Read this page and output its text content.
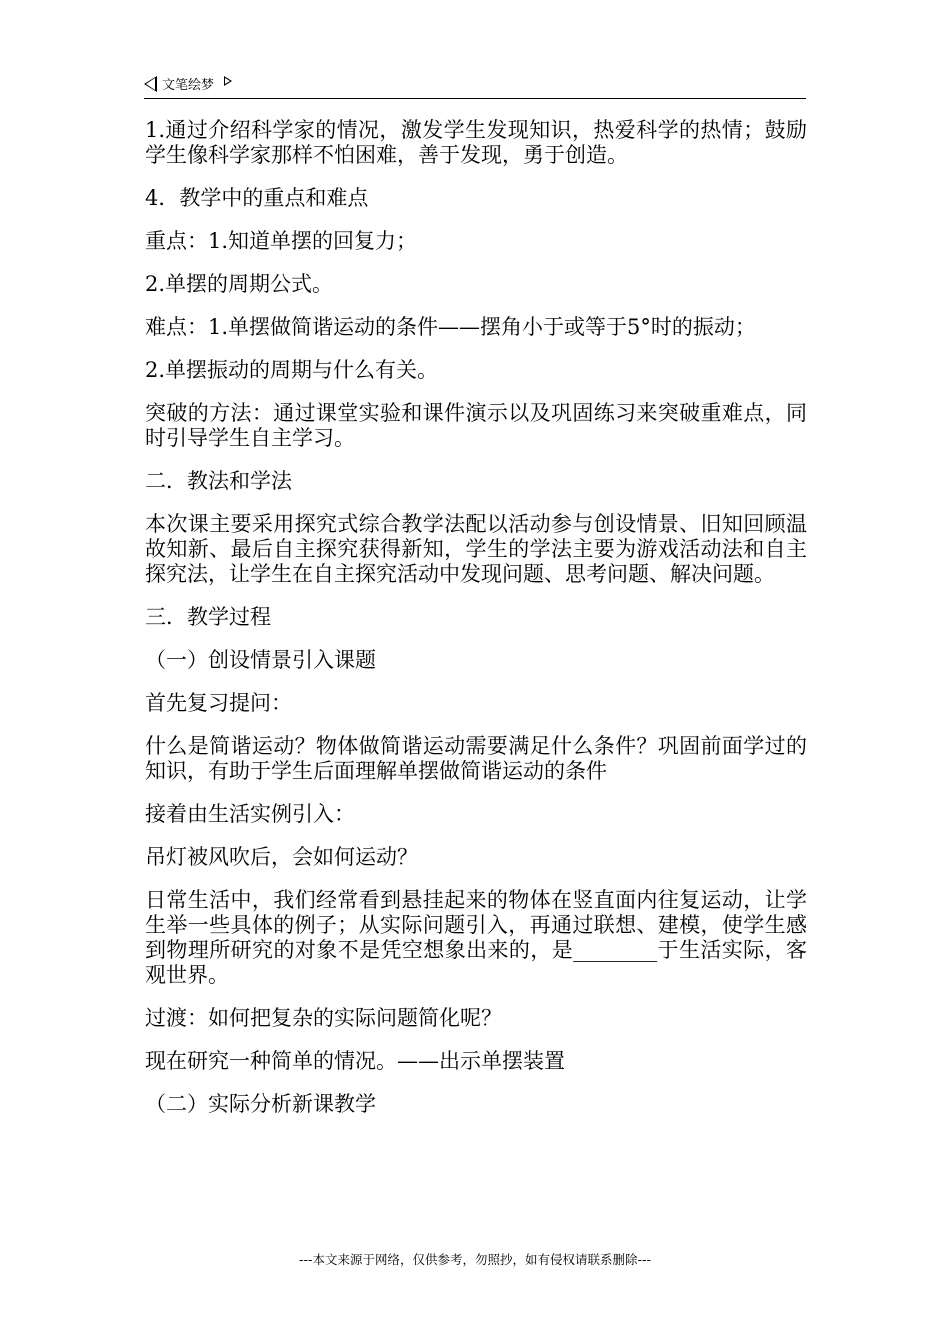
文笔绘梦

1.通过介绍科学家的情况，激发学生发现知识，热爱科学的热情；鼓励学生像科学家那样不怕困难，善于发现，勇于创造。

4．教学中的重点和难点

重点：1.知道单摆的回复力；

2.单摆的周期公式。

难点：1.单摆做简谐运动的条件——摆角小于或等于5°时的振动；

2.单摆振动的周期与什么有关。

突破的方法：通过课堂实验和课件演示以及巩固练习来突破重难点，同时引导学生自主学习。

二．教法和学法

本次课主要采用探究式综合教学法配以活动参与创设情景、旧知回顾温故知新、最后自主探究获得新知，学生的学法主要为游戏活动法和自主探究法，让学生在自主探究活动中发现问题、思考问题、解决问题。

三．教学过程

（一）创设情景引入课题

首先复习提问：

什么是简谐运动？物体做简谐运动需要满足什么条件？巩固前面学过的知识，有助于学生后面理解单摆做简谐运动的条件

接着由生活实例引入：

吊灯被风吹后，会如何运动？

日常生活中，我们经常看到悬挂起来的物体在竖直面内往复运动，让学生举一些具体的例子；从实际问题引入，再通过联想、建模，使学生感到物理所研究的对象不是凭空想象出来的，是________于生活实际，客观世界。

过渡：如何把复杂的实际问题简化呢？

现在研究一种简单的情况。——出示单摆装置

（二）实际分析新课教学

---本文来源于网络，仅供参考，勿照抄，如有侵权请联系删除---
